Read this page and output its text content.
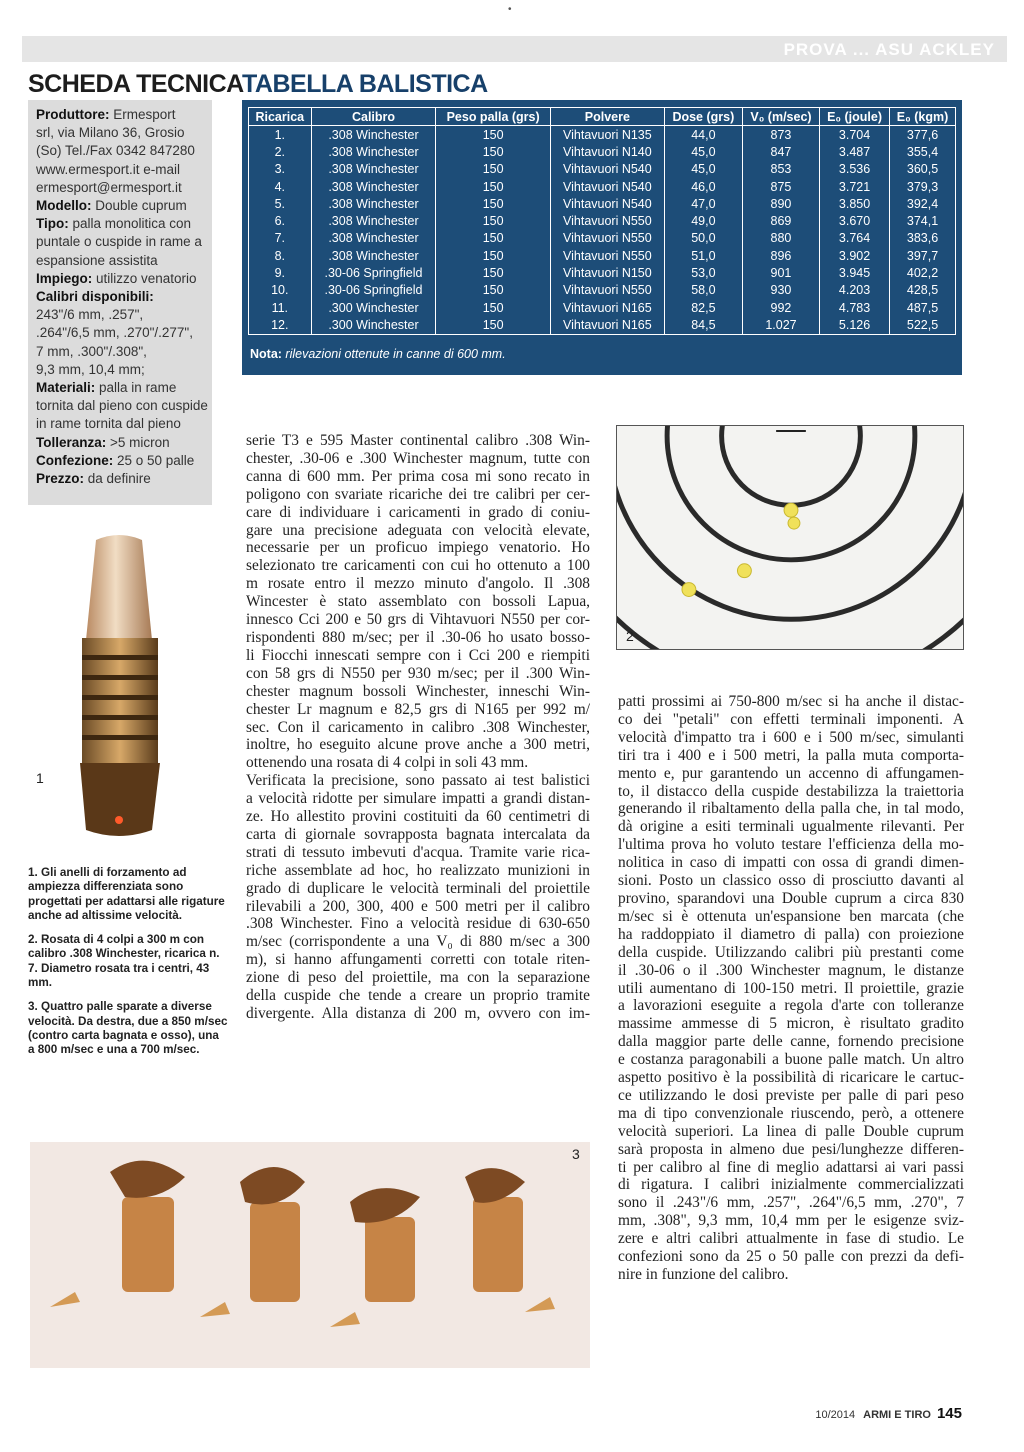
•
PROVA ... ASU ACKLEY
SCHEDA TECNICA
Produttore: Ermesport
srl, via Milano 36, Grosio
(So) Tel./Fax 0342 847280
www.ermesport.it e-mail
ermesport@ermesport.it
Modello: Double cuprum
Tipo: palla monolitica con
puntale o cuspide in rame a
espansione assistita
Impiego: utilizzo venatorio
Calibri disponibili:
243"/6 mm, .257",
.264"/6,5 mm, .270"/.277",
7 mm, .300"/.308",
9,3 mm, 10,4 mm;
Materiali: palla in rame
tornita dal pieno con cuspide
in rame tornita dal pieno
Tolleranza: >5 micron
Confezione: 25 o 50 palle
Prezzo: da definire
TABELLA BALISTICA
Ricarica	Calibro	Peso palla (grs)	Polvere	Dose (grs)	V₀ (m/sec)	E₀ (joule)	E₀ (kgm)
1.	.308 Winchester	150	Vihtavuori N135	44,0	873	3.704	377,6
2.	.308 Winchester	150	Vihtavuori N140	45,0	847	3.487	355,4
3.	.308 Winchester	150	Vihtavuori N540	45,0	853	3.536	360,5
4.	.308 Winchester	150	Vihtavuori N540	46,0	875	3.721	379,3
5.	.308 Winchester	150	Vihtavuori N540	47,0	890	3.850	392,4
6.	.308 Winchester	150	Vihtavuori N550	49,0	869	3.670	374,1
7.	.308 Winchester	150	Vihtavuori N550	50,0	880	3.764	383,6
8.	.308 Winchester	150	Vihtavuori N550	51,0	896	3.902	397,7
9.	.30-06 Springfield	150	Vihtavuori N150	53,0	901	3.945	402,2
10.	.30-06 Springfield	150	Vihtavuori N550	58,0	930	4.203	428,5
11.	.300 Winchester	150	Vihtavuori N165	82,5	992	4.783	487,5
12.	.300 Winchester	150	Vihtavuori N165	84,5	1.027	5.126	522,5
Nota: rilevazioni ottenute in canne di 600 mm.
1

1. Gli anelli di forzamento ad ampiezza differenziata sono progettati per adattarsi alle rigature anche ad altissime velocità.

2. Rosata di 4 colpi a 300 m con calibro .308 Winchester, ricarica n. 7. Diametro rosata tra i centri, 43 mm.

3. Quattro palle sparate a diverse velocità. Da destra, due a 850 m/sec (contro carta bagnata e osso), una a 800 m/sec e una a 700 m/sec.

2
serie T3 e 595 Master continental calibro .308 Win-
chester, .30-06 e .300 Winchester magnum, tutte con
canna di 600 mm. Per prima cosa mi sono recato in
poligono con svariate ricariche dei tre calibri per cer-
care di individuare i caricamenti in grado di coniu-
gare una precisione adeguata con velocità elevate,
necessarie per un proficuo impiego venatorio. Ho
selezionato tre caricamenti con cui ho ottenuto a 100
m rosate entro il mezzo minuto d'angolo. Il .308
Wincester è stato assemblato con bossoli Lapua,
innesco Cci 200 e 50 grs di Vihtavuori N550 per cor-
rispondenti 880 m/sec; per il .30-06 ho usato bosso-
li Fiocchi innescati sempre con i Cci 200 e riempiti
con 58 grs di N550 per 930 m/sec; per il .300 Win-
chester magnum bossoli Winchester, inneschi Win-
chester Lr magnum e 82,5 grs di N165 per 992 m/
sec. Con il caricamento in calibro .308 Winchester,
inoltre, ho eseguito alcune prove anche a 300 metri,
ottenendo una rosata di 4 colpi in soli 43 mm.
Verificata la precisione, sono passato ai test balistici
a velocità ridotte per simulare impatti a grandi distan-
ze. Ho allestito provini costituiti da 60 centimetri di
carta di giornale sovrapposta bagnata intercalata da
strati di tessuto imbevuti d'acqua. Tramite varie rica-
riche assemblate ad hoc, ho realizzato munizioni in
grado di duplicare le velocità terminali del proiettile
rilevabili a 200, 300, 400 e 500 metri per il calibro
.308 Winchester. Fino a velocità residue di 630-650
m/sec (corrispondente a una V₀ di 880 m/sec a 300
m), si hanno affungamenti corretti con totale riten-
zione di peso del proiettile, ma con la separazione
della cuspide che tende a creare un proprio tramite
divergente. Alla distanza di 200 m, ovvero con im-
patti prossimi ai 750-800 m/sec si ha anche il distac-
co dei "petali" con effetti terminali imponenti. A
velocità d'impatto tra i 600 e i 500 m/sec, simulanti
tiri tra i 400 e i 500 metri, la palla muta comporta-
mento e, pur garantendo un accenno di affungamen-
to, il distacco della cuspide destabilizza la traiettoria
generando il ribaltamento della palla che, in tal modo,
dà origine a esiti terminali ugualmente rilevanti. Per
l'ultima prova ho voluto testare l'efficienza della mo-
nolitica in caso di impatti con ossa di grandi dimen-
sioni. Posto un classico osso di prosciutto davanti al
provino, sparandovi una Double cuprum a circa 830
m/sec si è ottenuta un'espansione ben marcata (che
ha raddoppiato il diametro di palla) con proiezione
della cuspide. Utilizzando calibri più prestanti come
il .30-06 o il .300 Winchester magnum, le distanze
utili aumentano di 100-150 metri. Il proiettile, grazie
a lavorazioni eseguite a regola d'arte con tolleranze
massime ammesse di 5 micron, è risultato gradito
dalla maggior parte delle canne, fornendo precisione
e costanza paragonabili a buone palle match. Un altro
aspetto positivo è la possibilità di ricaricare le cartuc-
ce utilizzando le dosi previste per palle di pari peso
ma di tipo convenzionale riuscendo, però, a ottenere
velocità superiori. La linea di palle Double cuprum
sarà proposta in almeno due pesi/lunghezze differen-
ti per calibro al fine di meglio adattarsi ai vari passi
di rigatura. I calibri inizialmente commercializzati
sono il .243"/6 mm, .257", .264"/6,5 mm, .270", 7
mm, .308", 9,3 mm, 10,4 mm per le esigenze sviz-
zere e altri calibri attualmente in fase di studio. Le
confezioni sono da 25 o 50 palle con prezzi da defi-
nire in funzione del calibro.
3
10/2014 ARMI E TIRO 145
